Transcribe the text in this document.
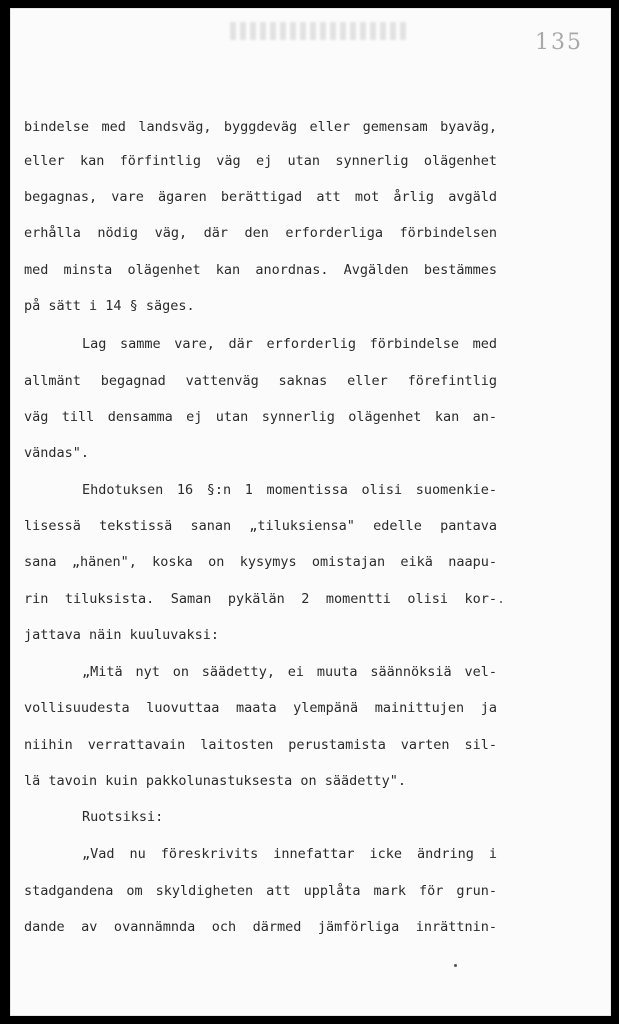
135
bindelse med landsväg, byggdeväg eller gemensam byaväg,
eller kan förfintlig väg ej utan synnerlig olägenhet
begagnas, vare ägaren berättigad att mot årlig avgäld
erhålla nödig väg, där den erforderliga förbindelsen
med minsta olägenhet kan anordnas. Avgälden bestämmes
på sätt i 14 § säges.
Lag samme vare, där erforderlig förbindelse med
allmänt begagnad vattenväg saknas eller förefintlig
väg till densamma ej utan synnerlig olägenhet kan an-
vändas".
Ehdotuksen 16 §:n 1 momentissa olisi suomenkie-
lisessä tekstissä sanan „tiluksiensa" edelle pantava
sana „hänen", koska on kysymys omistajan eikä naapu-
rin tiluksista. Saman pykälän 2 momentti olisi kor-
jattava näin kuuluvaksi:
„Mitä nyt on säädetty, ei muuta säännöksiä vel-
vollisuudesta luovuttaa maata ylempänä mainittujen ja
niihin verrattavain laitosten perustamista varten sil-
lä tavoin kuin pakkolunastuksesta on säädetty".
Ruotsiksi:
„Vad nu föreskrivits innefattar icke ändring i
stadgandena om skyldigheten att upplåta mark för grun-
dande av ovannämnda och därmed jämförliga inrättnin-
